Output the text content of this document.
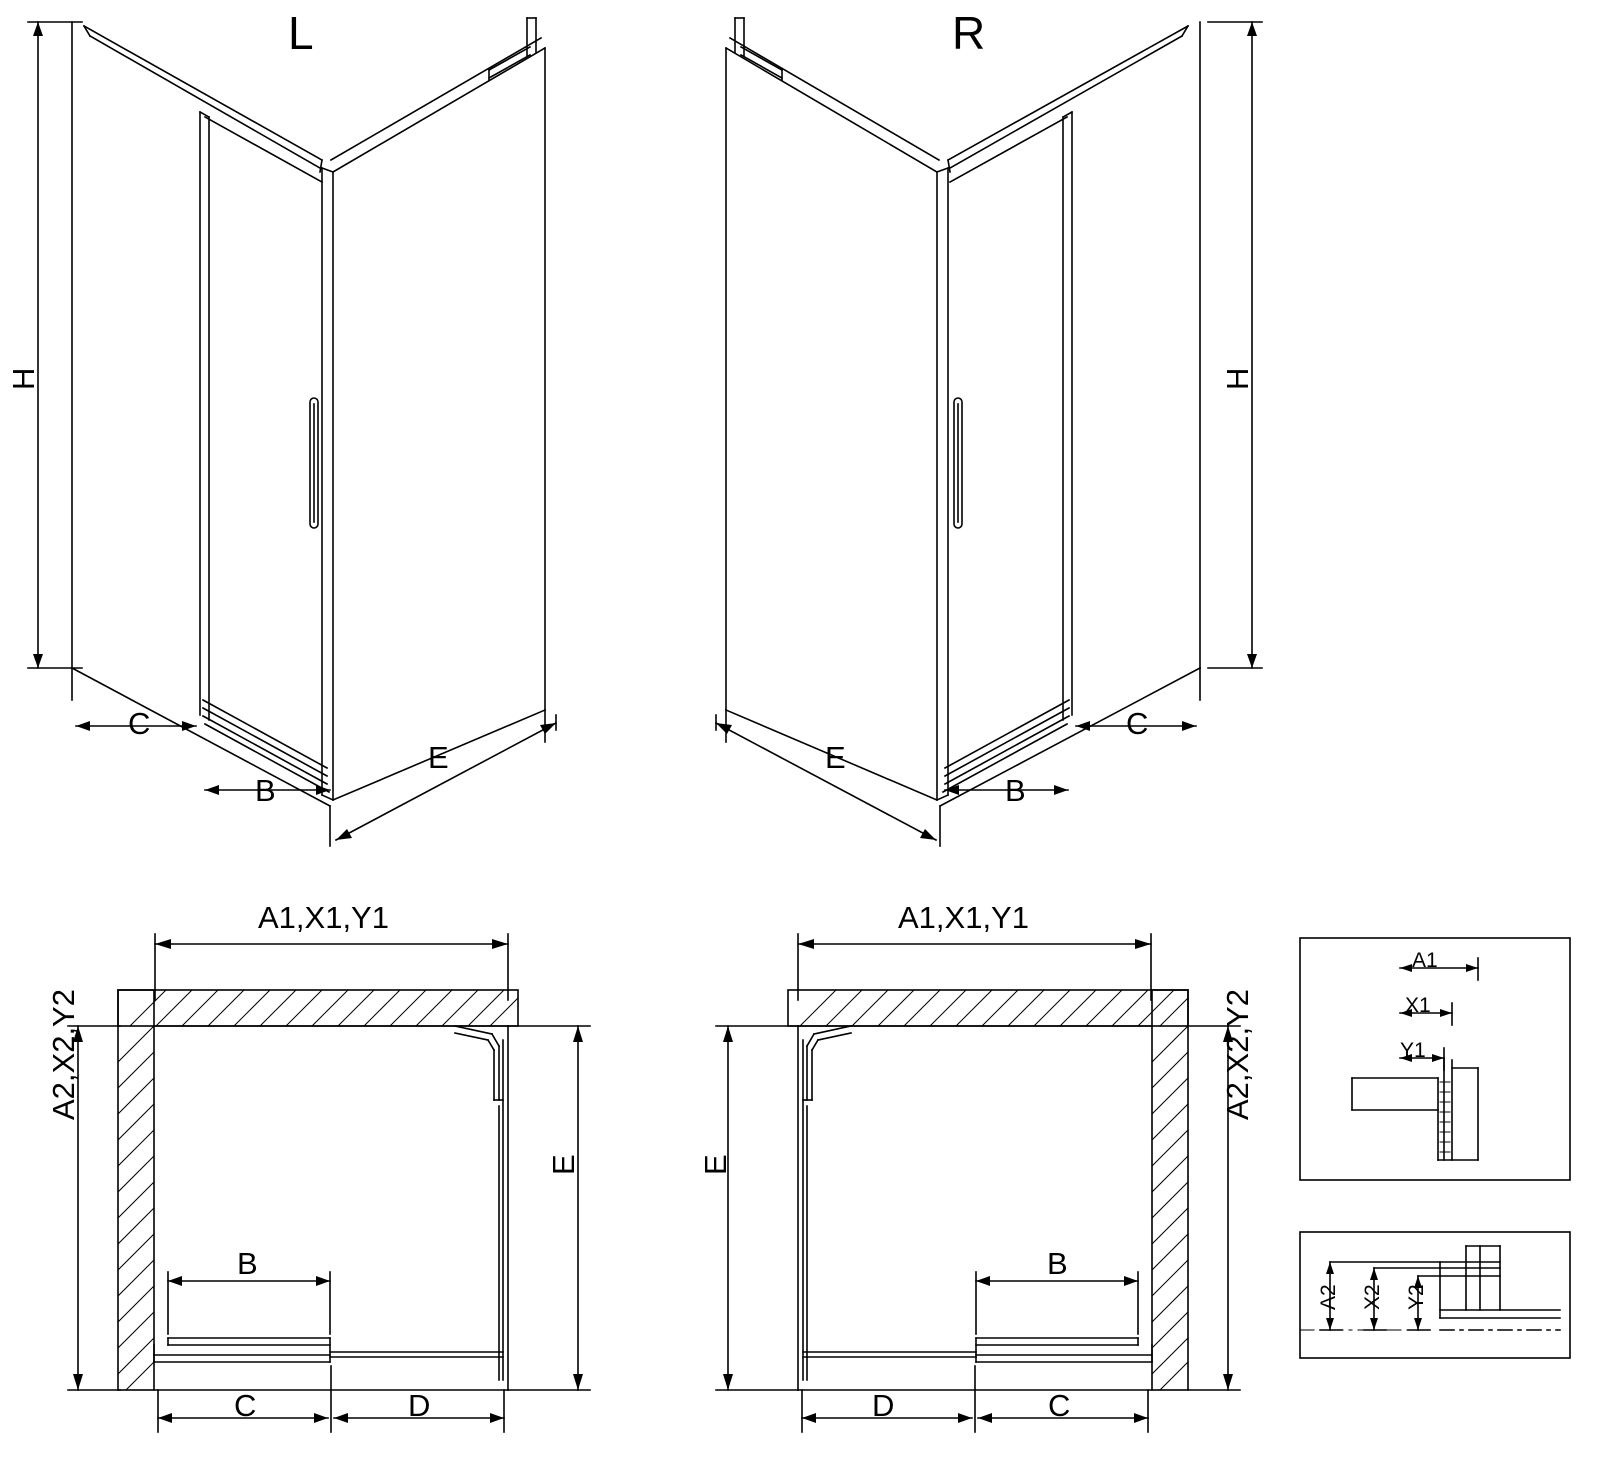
L	R
H	H
C
B
E
C
B
E
A1,X1,Y1	A1,X1,Y1
A2,X2,Y2	A2,X2,Y2
E	E
B	B
C	D	D	C
A1
X1
Y1
A2 X2 Y2
